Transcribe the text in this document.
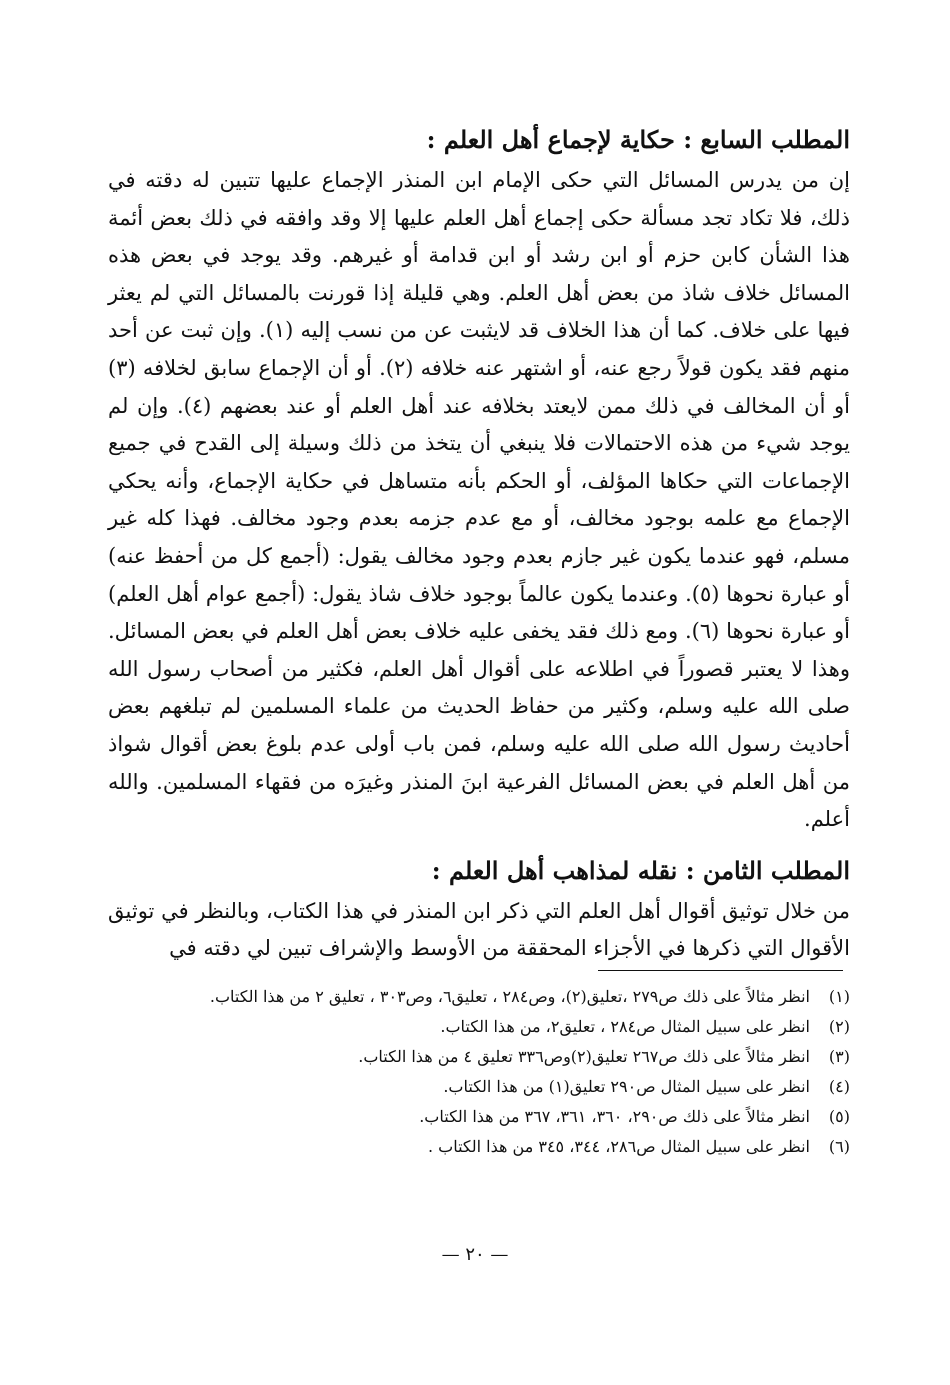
المطلب السابع : حكاية لإجماع أهل العلم :

إن من يدرس المسائل التي حكى الإمام ابن المنذر الإجماع عليها تتبين له دقته في ذلك، فلا تكاد تجد مسألة حكى إجماع أهل العلم عليها إلا وقد وافقه في ذلك بعض أئمة هذا الشأن كابن حزم أو ابن رشد أو ابن قدامة أو غيرهم. وقد يوجد في بعض هذه المسائل خلاف شاذ من بعض أهل العلم. وهي قليلة إذا قورنت بالمسائل التي لم يعثر فيها على خلاف. كما أن هذا الخلاف قد لايثبت عن من نسب إليه (١). وإن ثبت عن أحد منهم فقد يكون قولاً رجع عنه، أو اشتهر عنه خلافه (٢). أو أن الإجماع سابق لخلافه (٣) أو أن المخالف في ذلك ممن لايعتد بخلافه عند أهل العلم أو عند بعضهم (٤). وإن لم يوجد شيء من هذه الاحتمالات فلا ينبغي أن يتخذ من ذلك وسيلة إلى القدح في جميع الإجماعات التي حكاها المؤلف، أو الحكم بأنه متساهل في حكاية الإجماع، وأنه يحكي الإجماع مع علمه بوجود مخالف، أو مع عدم جزمه بعدم وجود مخالف. فهذا كله غير مسلم، فهو عندما يكون غير جازم بعدم وجود مخالف يقول: (أجمع كل من أحفظ عنه) أو عبارة نحوها (٥). وعندما يكون عالماً بوجود خلاف شاذ يقول: (أجمع عوام أهل العلم) أو عبارة نحوها (٦). ومع ذلك فقد يخفى عليه خلاف بعض أهل العلم في بعض المسائل. وهذا لا يعتبر قصوراً في اطلاعه على أقوال أهل العلم، فكثير من أصحاب رسول الله صلى الله عليه وسلم، وكثير من حفاظ الحديث من علماء المسلمين لم تبلغهم بعض أحاديث رسول الله صلى الله عليه وسلم، فمن باب أولى عدم بلوغ بعض أقوال شواذ من أهل العلم في بعض المسائل الفرعية ابنَ المنذر وغيرَه من فقهاء المسلمين. والله أعلم.

المطلب الثامن : نقله لمذاهب أهل العلم :

من خلال توثيق أقوال أهل العلم التي ذكر ابن المنذر في هذا الكتاب، وبالنظر في توثيق الأقوال التي ذكرها في الأجزاء المحققة من الأوسط والإشراف تبين لي دقته في

(١)
انظر مثالاً على ذلك ص٢٧٩ ،تعليق(٢)، وص٢٨٤ ، تعليق٦، وص٣٠٣ ، تعليق ٢ من هذا الكتاب.
(٢)
انظر على سبيل المثال ص٢٨٤ ، تعليق٢، من هذا الكتاب.
(٣)
انظر مثالاً على ذلك ص٢٦٧ تعليق(٢)وص٣٣٦ تعليق ٤ من هذا الكتاب.
(٤)
انظر على سبيل المثال ص٢٩٠ تعليق(١) من هذا الكتاب.
(٥)
انظر مثالاً على ذلك ص٢٩٠، ٣٦٠، ٣٦١، ٣٦٧ من هذا الكتاب.
(٦)
انظر على سبيل المثال ص٢٨٦، ٣٤٤، ٣٤٥ من هذا الكتاب .
— ٢٠ —
